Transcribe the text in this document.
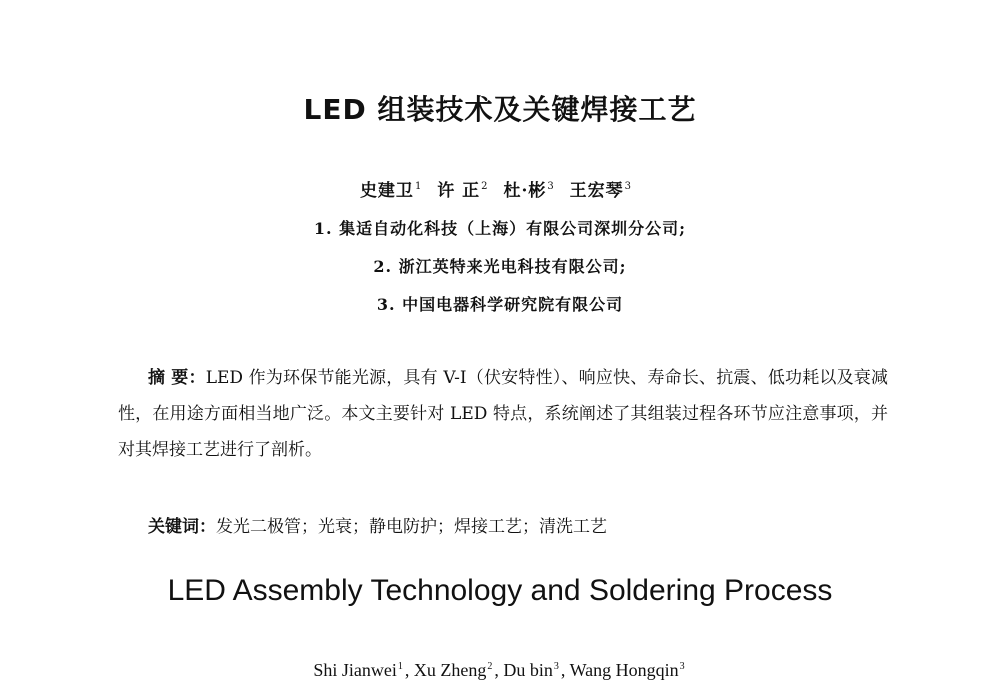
LED 组装技术及关键焊接工艺
史建卫$^1$ 许 正$^2$ 杜·彬$^3$ 王宏琴$^3$
1. 集适自动化科技（上海）有限公司深圳分公司;
2. 浙江英特来光电科技有限公司;
3. 中国电器科学研究院有限公司
摘 要：LED 作为环保节能光源，具有 V-I（伏安特性）、响应快、寿命长、抗震、低功耗以及衰减性，在用途方面相当地广泛。本文主要针对 LED 特点，系统阐述了其组装过程各环节应注意事项，并对其焊接工艺进行了剖析。
关键词：发光二极管；光衰；静电防护；焊接工艺；清洗工艺
LED Assembly Technology and Soldering Process
Shi Jianwei$^1$ , Xu Zheng$^2$ , Du bin$^3$ , Wang Hongqin$^3$
